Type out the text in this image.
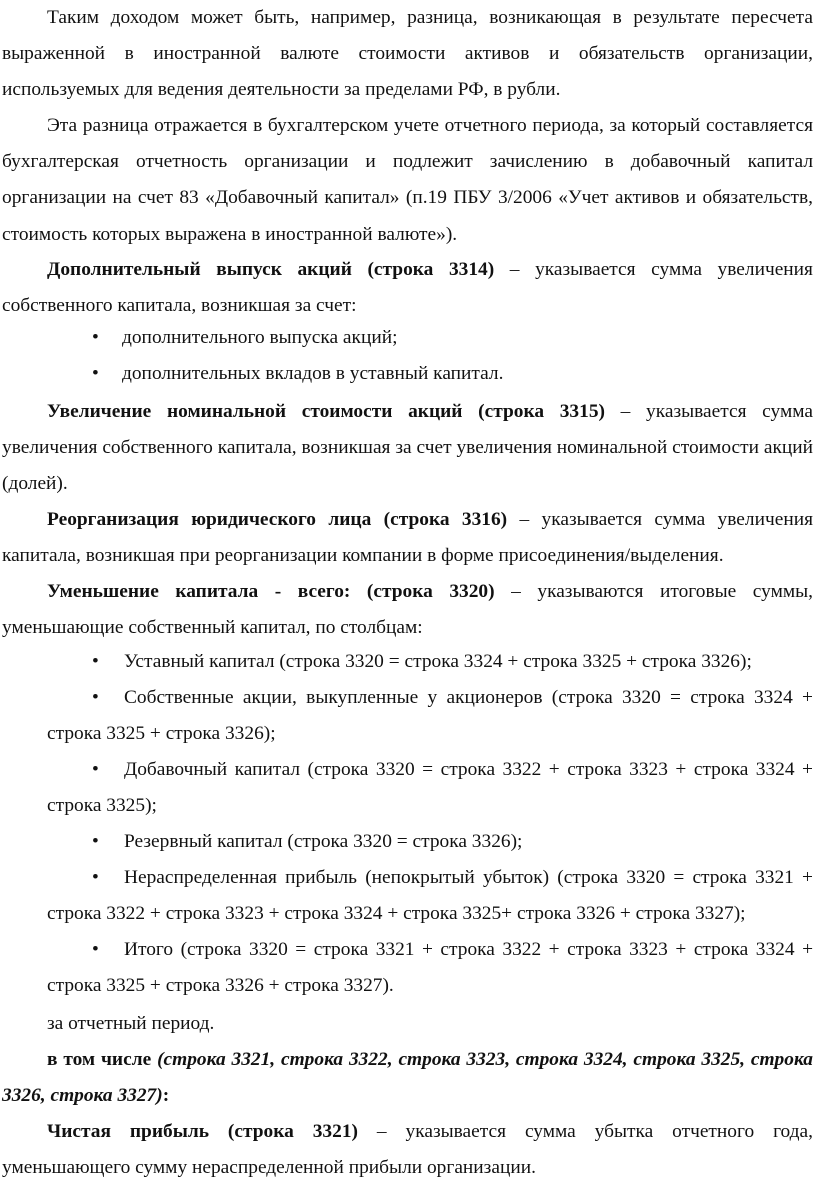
Таким доходом может быть, например, разница, возникающая в результате пересчета выраженной в иностранной валюте стоимости активов и обязательств организации, используемых для ведения деятельности за пределами РФ, в рубли.

Эта разница отражается в бухгалтерском учете отчетного периода, за который составляется бухгалтерская отчетность организации и подлежит зачислению в добавочный капитал организации на счет 83 «Добавочный капитал» (п.19 ПБУ 3/2006 «Учет активов и обязательств, стоимость которых выражена в иностранной валюте»).

Дополнительный выпуск акций (строка 3314) – указывается сумма увеличения собственного капитала, возникшая за счет:

•	дополнительного выпуска акций;

•	дополнительных вкладов в уставный капитал.

Увеличение номинальной стоимости акций (строка 3315) – указывается сумма увеличения собственного капитала, возникшая за счет увеличения номинальной стоимости акций (долей).

Реорганизация юридического лица (строка 3316) – указывается сумма увеличения капитала, возникшая при реорганизации компании в форме присоединения/выделения.

Уменьшение капитала - всего: (строка 3320) – указываются итоговые суммы, уменьшающие собственный капитал, по столбцам:

• Уставный капитал (строка 3320 = строка 3324 + строка 3325 + строка 3326);

• Собственные акции, выкупленные у акционеров (строка 3320 = строка 3324 + строка 3325 + строка 3326);

• Добавочный капитал (строка 3320 = строка 3322 + строка 3323 + строка 3324 + строка 3325);

• Резервный капитал (строка 3320 = строка 3326);

• Нераспределенная прибыль (непокрытый убыток) (строка 3320 = строка 3321 + строка 3322 + строка 3323 + строка 3324 + строка 3325+ строка 3326 + строка 3327);

• Итого (строка 3320 = строка 3321 + строка 3322 + строка 3323 + строка 3324 + строка 3325 + строка 3326 + строка 3327).

за отчетный период.

в том числе (строка 3321, строка 3322, строка 3323, строка 3324, строка 3325, строка 3326, строка 3327):

Чистая прибыль (строка 3321) – указывается сумма убытка отчетного года, уменьшающего сумму нераспределенной прибыли организации.
